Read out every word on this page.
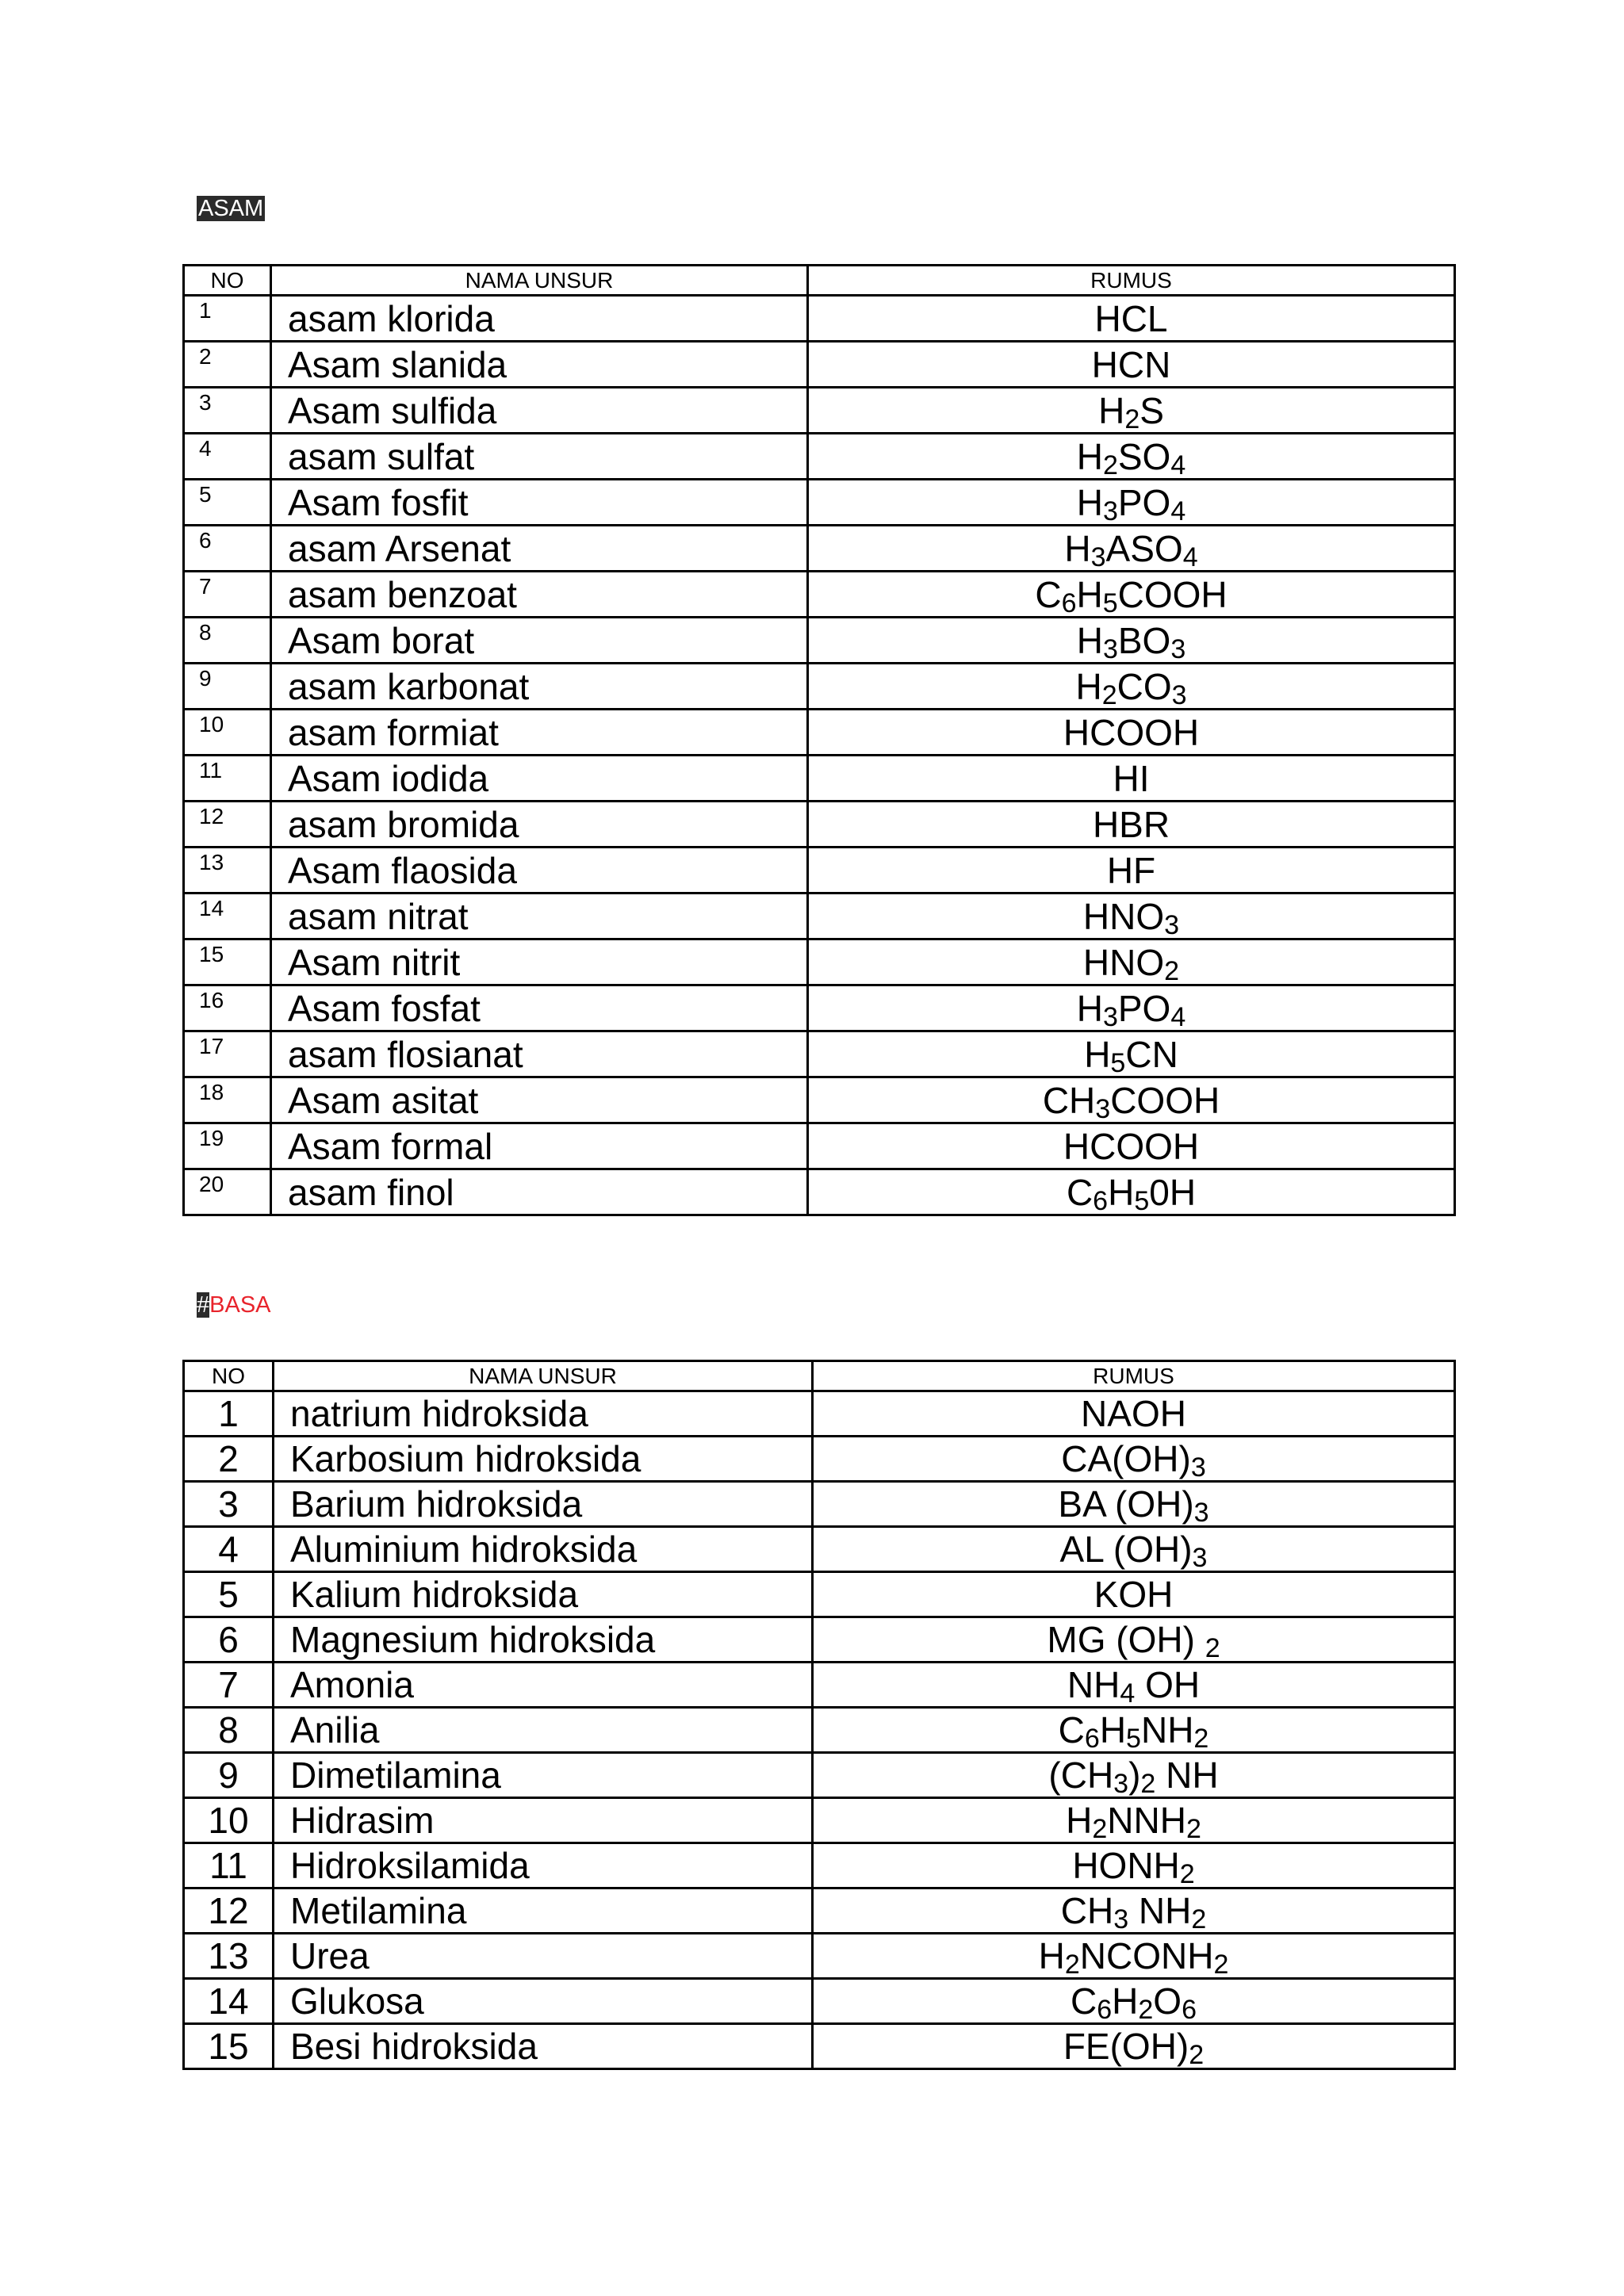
ASAM
NO	NAMA UNSUR	RUMUS
1	asam klorida	HCL
2	Asam slanida	HCN
3	Asam sulfida	$H_2S$
4	asam sulfat	$H_2SO_4$
5	Asam fosfit	$H_3PO_4$
6	asam Arsenat	$H_3ASO_4$
7	asam benzoat	$C_6H_5COOH$
8	Asam borat	$H_3BO_3$
9	asam karbonat	$H_2CO_3$
10	asam formiat	HCOOH
11	Asam iodida	HI
12	asam bromida	HBR
13	Asam flaosida	HF
14	asam nitrat	$HNO_3$
15	Asam nitrit	$HNO_2$
16	Asam fosfat	$H_3PO_4$
17	asam flosianat	$H_5CN$
18	Asam asitat	$CH_3COOH$
19	Asam formal	HCOOH
20	asam finol	$C_6H_50H$
#BASA
NO	NAMA UNSUR	RUMUS
1	natrium hidroksida	NAOH
2	Karbosium hidroksida	$CA(OH)_3$
3	Barium hidroksida	BA $(OH)_3$
4	Aluminium hidroksida	AL $(OH)_3$
5	Kalium hidroksida	KOH
6	Magnesium hidroksida	MG (OH) $_2$
7	Amonia	$NH_4$ OH
8	Anilia	$C_6H_5NH_2$
9	Dimetilamina	$(CH_3)_2$ NH
10	Hidrasim	$H_2NNH_2$
11	Hidroksilamida	$HONH_2$
12	Metilamina	$CH_3$ $NH_2$
13	Urea	$H_2NCONH_2$
14	Glukosa	$C_6H_2O_6$
15	Besi hidroksida	$FE(OH)_2$
